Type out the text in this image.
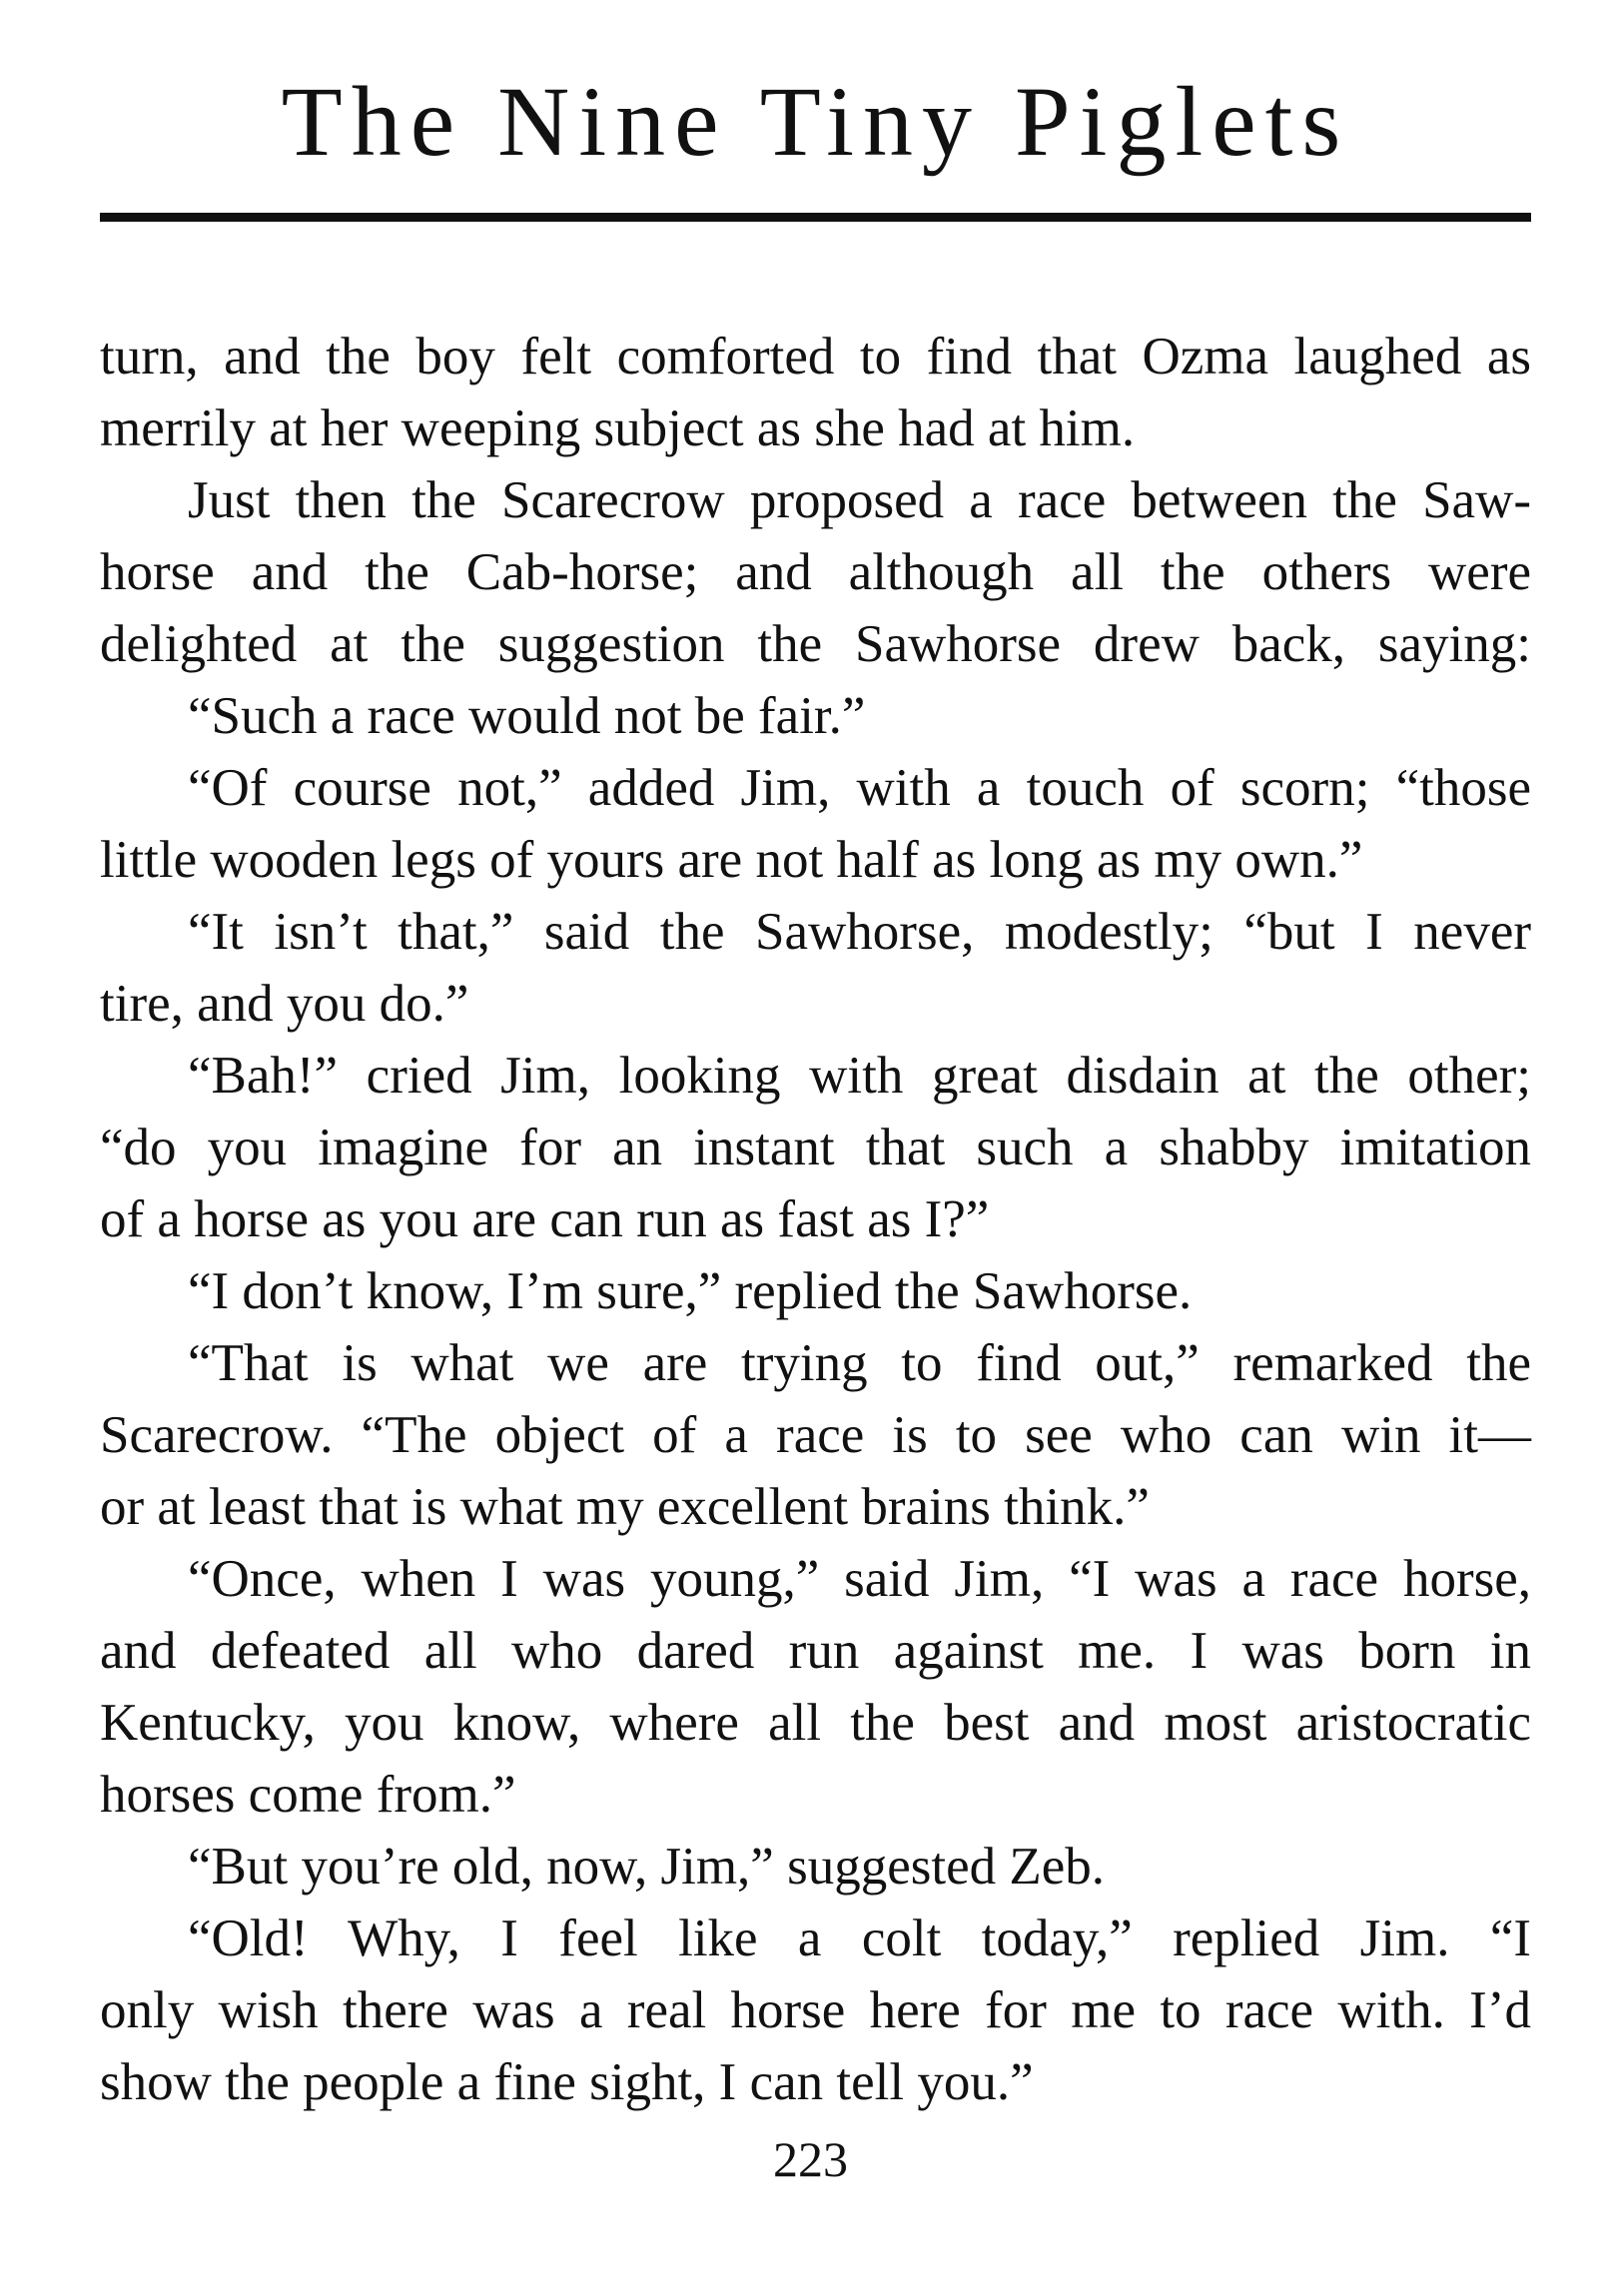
The Nine Tiny Piglets
turn, and the boy felt comforted to find that Ozma laughed as
merrily at her weeping subject as she had at him.
Just then the Scarecrow proposed a race between the Saw-
horse and the Cab-horse; and although all the others were
delighted at the suggestion the Sawhorse drew back, saying:
“Such a race would not be fair.”
“Of course not,” added Jim, with a touch of scorn; “those
little wooden legs of yours are not half as long as my own.”
“It isn’t that,” said the Sawhorse, modestly; “but I never
tire, and you do.”
“Bah!” cried Jim, looking with great disdain at the other;
“do you imagine for an instant that such a shabby imitation
of a horse as you are can run as fast as I?”
“I don’t know, I’m sure,” replied the Sawhorse.
“That is what we are trying to find out,” remarked the
Scarecrow. “The object of a race is to see who can win it—
or at least that is what my excellent brains think.”
“Once, when I was young,” said Jim, “I was a race horse,
and defeated all who dared run against me. I was born in
Kentucky, you know, where all the best and most aristocratic
horses come from.”
“But you’re old, now, Jim,” suggested Zeb.
“Old! Why, I feel like a colt today,” replied Jim. “I
only wish there was a real horse here for me to race with. I’d
show the people a fine sight, I can tell you.”
223
